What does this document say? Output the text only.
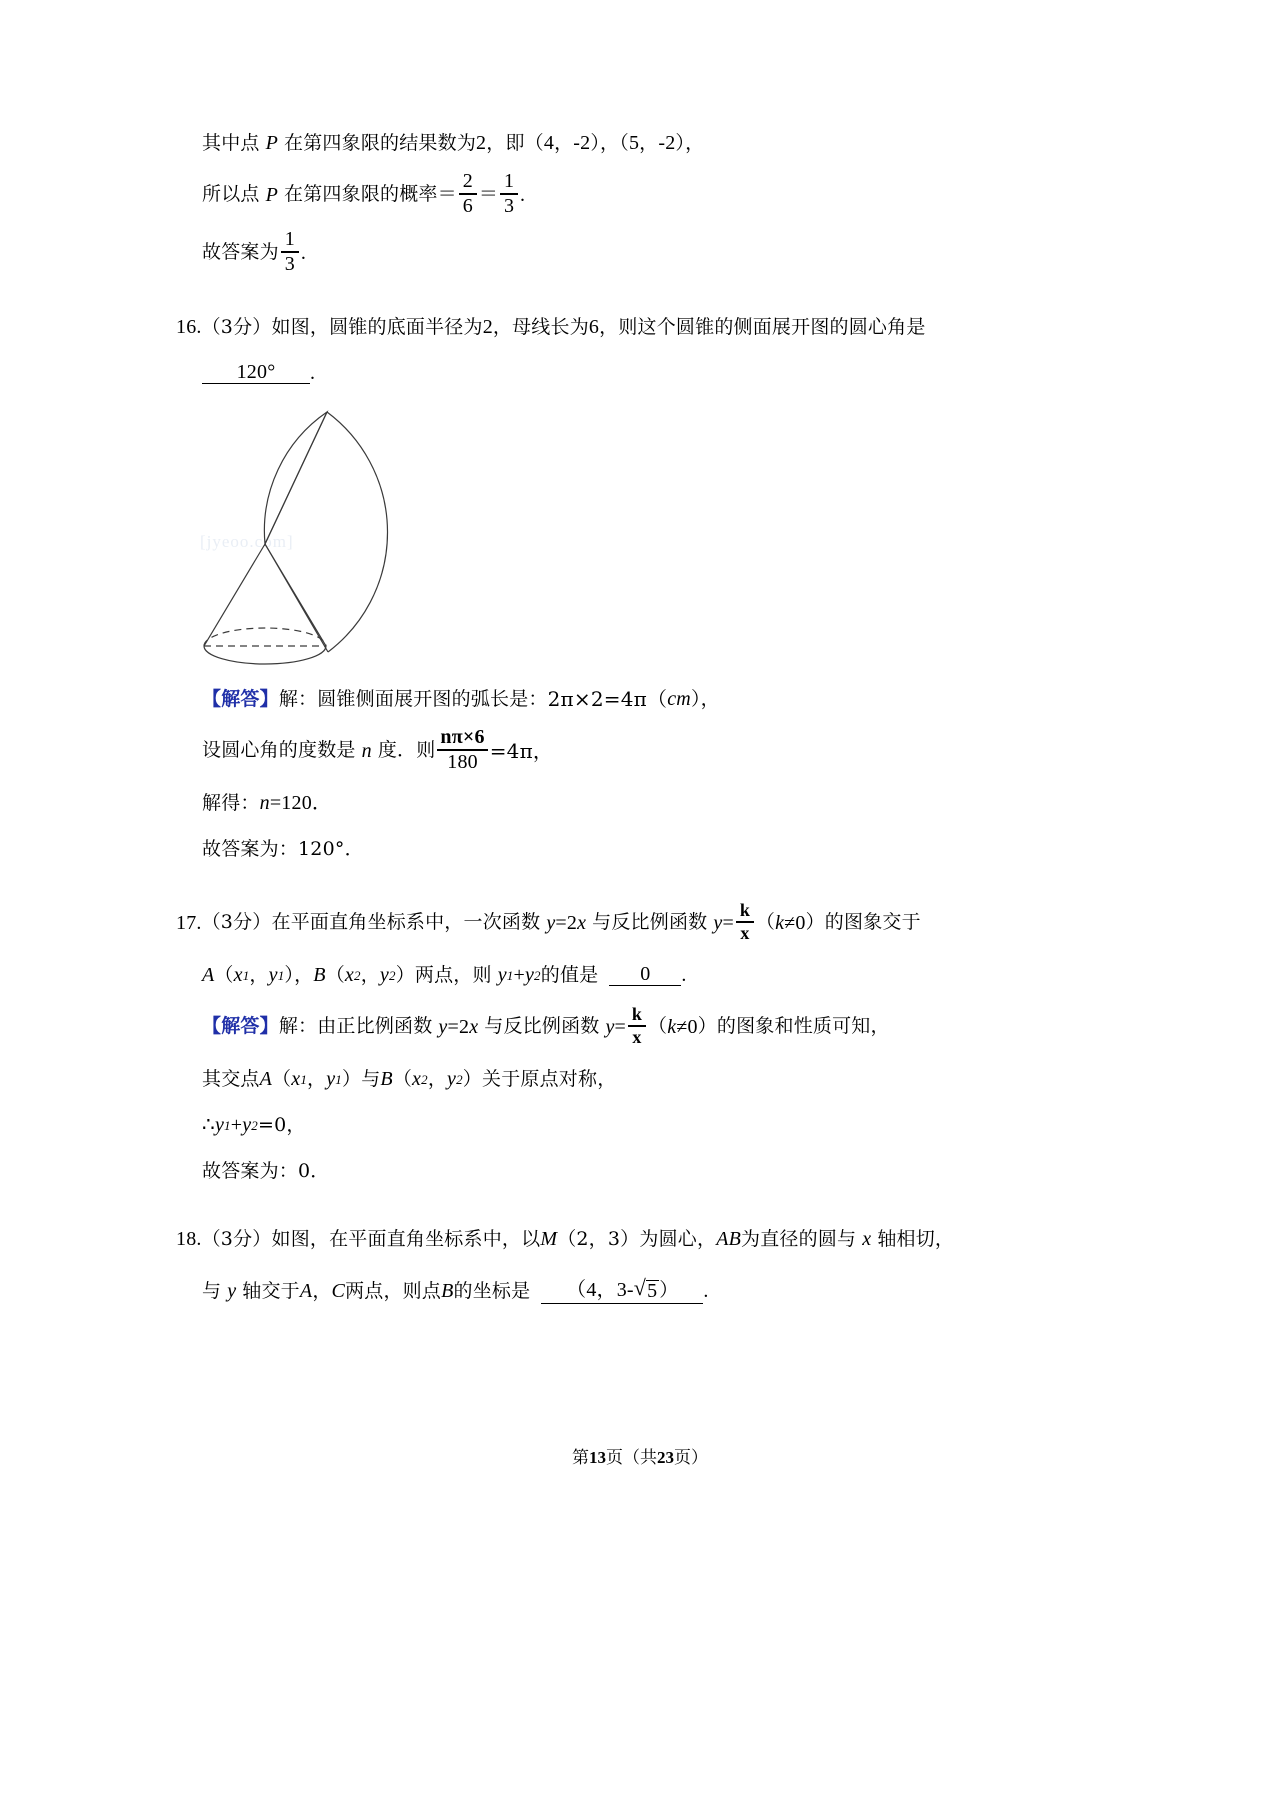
其中点 P 在第四象限的结果数为 2 ，即（ 4 ， -2 ），（ 5 ， -2 ），
所以点 P 在第四象限的概率＝ $\frac{2}{6} = \frac{1}{3}$ .
故答案为 $\frac{1}{3}$ .
16 . （3分） 如图，圆锥的底面半径为 2 ，母线长为 6 ，则这个圆锥的侧面展开图的圆心角是
120°	.
[jyeoo.com]
【解答】 解：圆锥侧面展开图的弧长是： 2π×2=4π（ cm ），
设圆心角的度数是 n 度．则 $\frac{n\pi\times 6}{180} =4\pi$，
解得： n =120．
故答案为：120°．
17 . （3分） 在平面直角坐标系中，一次函数 y =2 x 与反比例函数 $y = \frac{k}{x}$ （ k ≠0 ）的图象交于
A （ x 1 ， y 1 ）， B （ x 2 ， y 2 ） 两点，则 y 1 + y 2 的值是	0	.
【解答】 解：由正比例函数 y =2 x 与反比例函数 $y = \frac{k}{x}$ （ k ≠0 ）的图象和性质可知，
其交点 A （ x 1 ， y 1 ） 与 B （ x 2 ， y 2 ） 关于原点对称，
∴ y 1 + y 2 =0，
故答案为：0．
18 . （3分） 如图，在平面直角坐标系中，以 M （2，3） 为圆心， AB 为直径的圆与 x 轴相切，
与 y 轴交于 A ， C 两点，则点 B 的坐标是	（4，3- √ 5 ）	.
第13页（共23页）
